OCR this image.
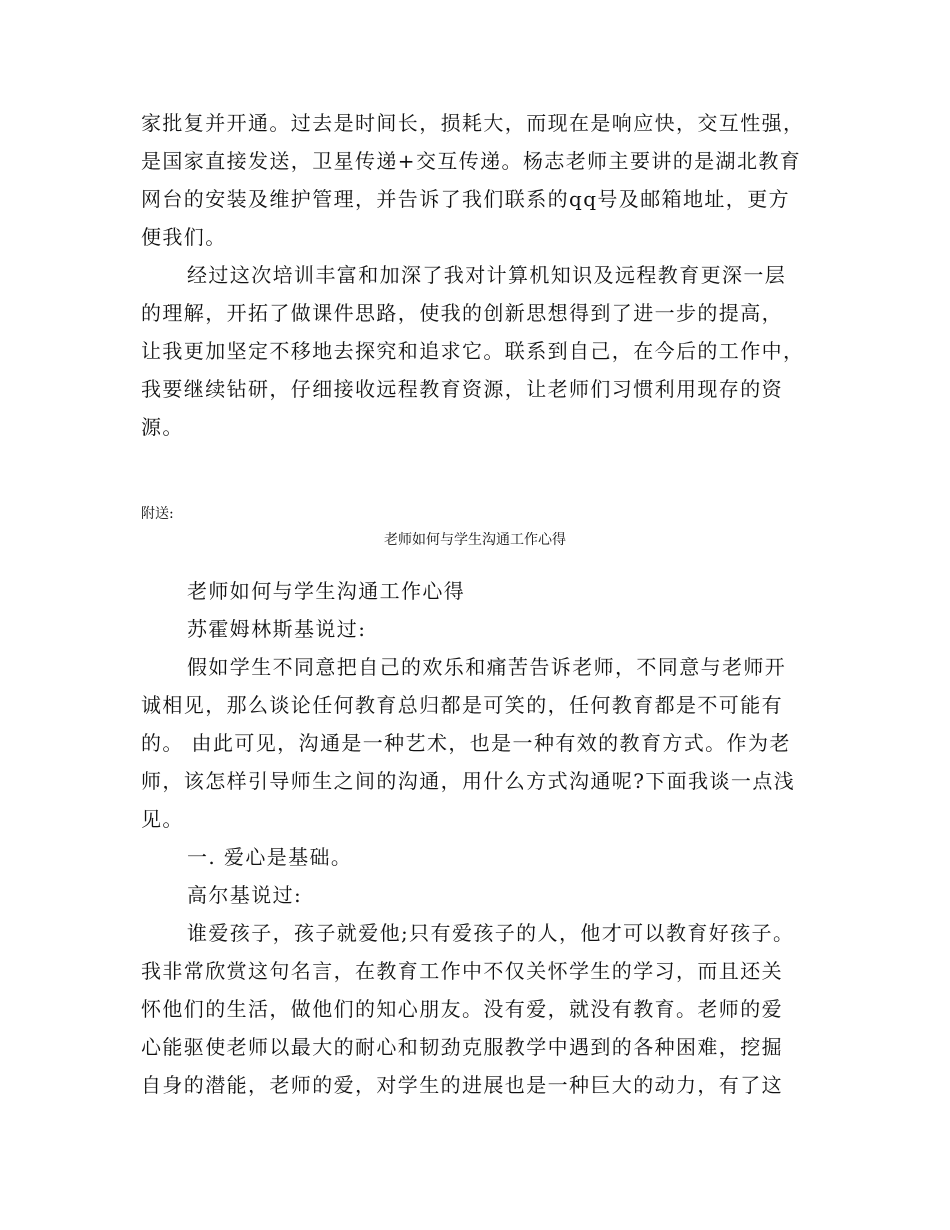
家批复并开通。过去是时间长，损耗大，而现在是响应快，交互性强，
是国家直接发送，卫星传递+交互传递。杨志老师主要讲的是湖北教育
网台的安装及维护管理，并告诉了我们联系的qq号及邮箱地址，更方
便我们。
经过这次培训丰富和加深了我对计算机知识及远程教育更深一层
的理解，开拓了做课件思路，使我的创新思想得到了进一步的提高，
让我更加坚定不移地去探究和追求它。联系到自己，在今后的工作中，
我要继续钻研，仔细接收远程教育资源，让老师们习惯利用现存的资
源。
附送:
老师如何与学生沟通工作心得
老师如何与学生沟通工作心得
苏霍姆林斯基说过:
假如学生不同意把自己的欢乐和痛苦告诉老师，不同意与老师开
诚相见，那么谈论任何教育总归都是可笑的，任何教育都是不可能有
的。 由此可见，沟通是一种艺术，也是一种有效的教育方式。作为老
师，该怎样引导师生之间的沟通，用什么方式沟通呢?下面我谈一点浅
见。
一. 爱心是基础。
高尔基说过:
谁爱孩子，孩子就爱他;只有爱孩子的人，他才可以教育好孩子。
我非常欣赏这句名言，在教育工作中不仅关怀学生的学习，而且还关
怀他们的生活，做他们的知心朋友。没有爱，就没有教育。老师的爱
心能驱使老师以最大的耐心和韧劲克服教学中遇到的各种困难，挖掘
自身的潜能，老师的爱，对学生的进展也是一种巨大的动力，有了这
